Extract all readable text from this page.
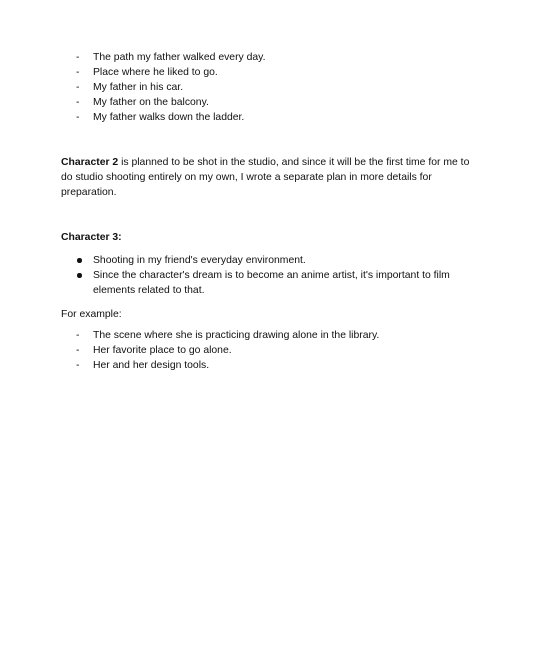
- The path my father walked every day.
- Place where he liked to go.
- My father in his car.
- My father on the balcony.
- My father walks down the ladder.

Character 2 is planned to be shot in the studio, and since it will be the first time for me to do studio shooting entirely on my own, I wrote a separate plan in more details for preparation.

Character 3:

Shooting in my friend's everyday environment.
Since the character's dream is to become an anime artist, it's important to film elements related to that.

For example:

- The scene where she is practicing drawing alone in the library.
- Her favorite place to go alone.
- Her and her design tools.
